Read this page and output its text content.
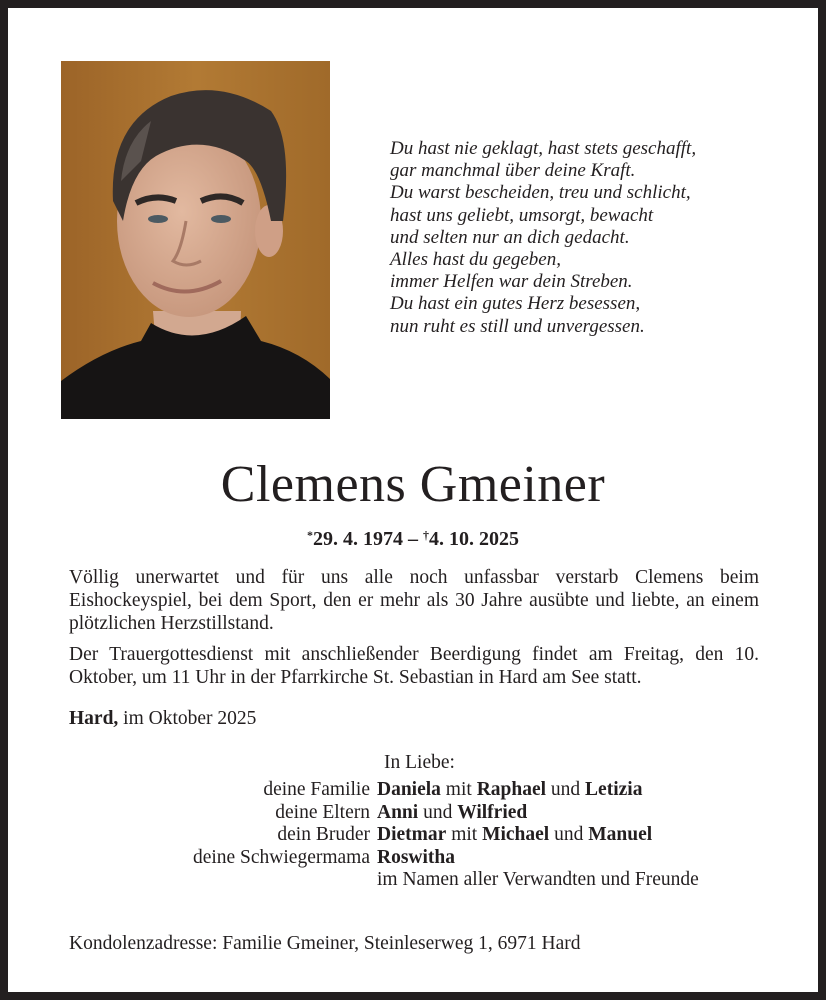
Du hast nie geklagt, hast stets geschafft,
gar manchmal über deine Kraft.
Du warst bescheiden, treu und schlicht,
hast uns geliebt, umsorgt, bewacht
und selten nur an dich gedacht.
Alles hast du gegeben,
immer Helfen war dein Streben.
Du hast ein gutes Herz besessen,
nun ruht es still und unvergessen.
Clemens Gmeiner
*29. 4. 1974 – †4. 10. 2025
Völlig unerwartet und für uns alle noch unfassbar verstarb Clemens beim Eishockeyspiel, bei dem Sport, den er mehr als 30 Jahre ausübte und liebte, an einem plötzlichen Herzstillstand.
Der Trauergottesdienst mit anschließender Beerdigung findet am Freitag, den 10. Oktober, um 11 Uhr in der Pfarrkirche St. Sebastian in Hard am See statt.
Hard, im Oktober 2025
In Liebe:
deine Familie Daniela mit Raphael und Letizia
deine Eltern Anni und Wilfried
dein Bruder Dietmar mit Michael und Manuel
deine Schwiegermama Roswitha
im Namen aller Verwandten und Freunde
Kondolenzadresse: Familie Gmeiner, Steinleserweg 1, 6971 Hard
